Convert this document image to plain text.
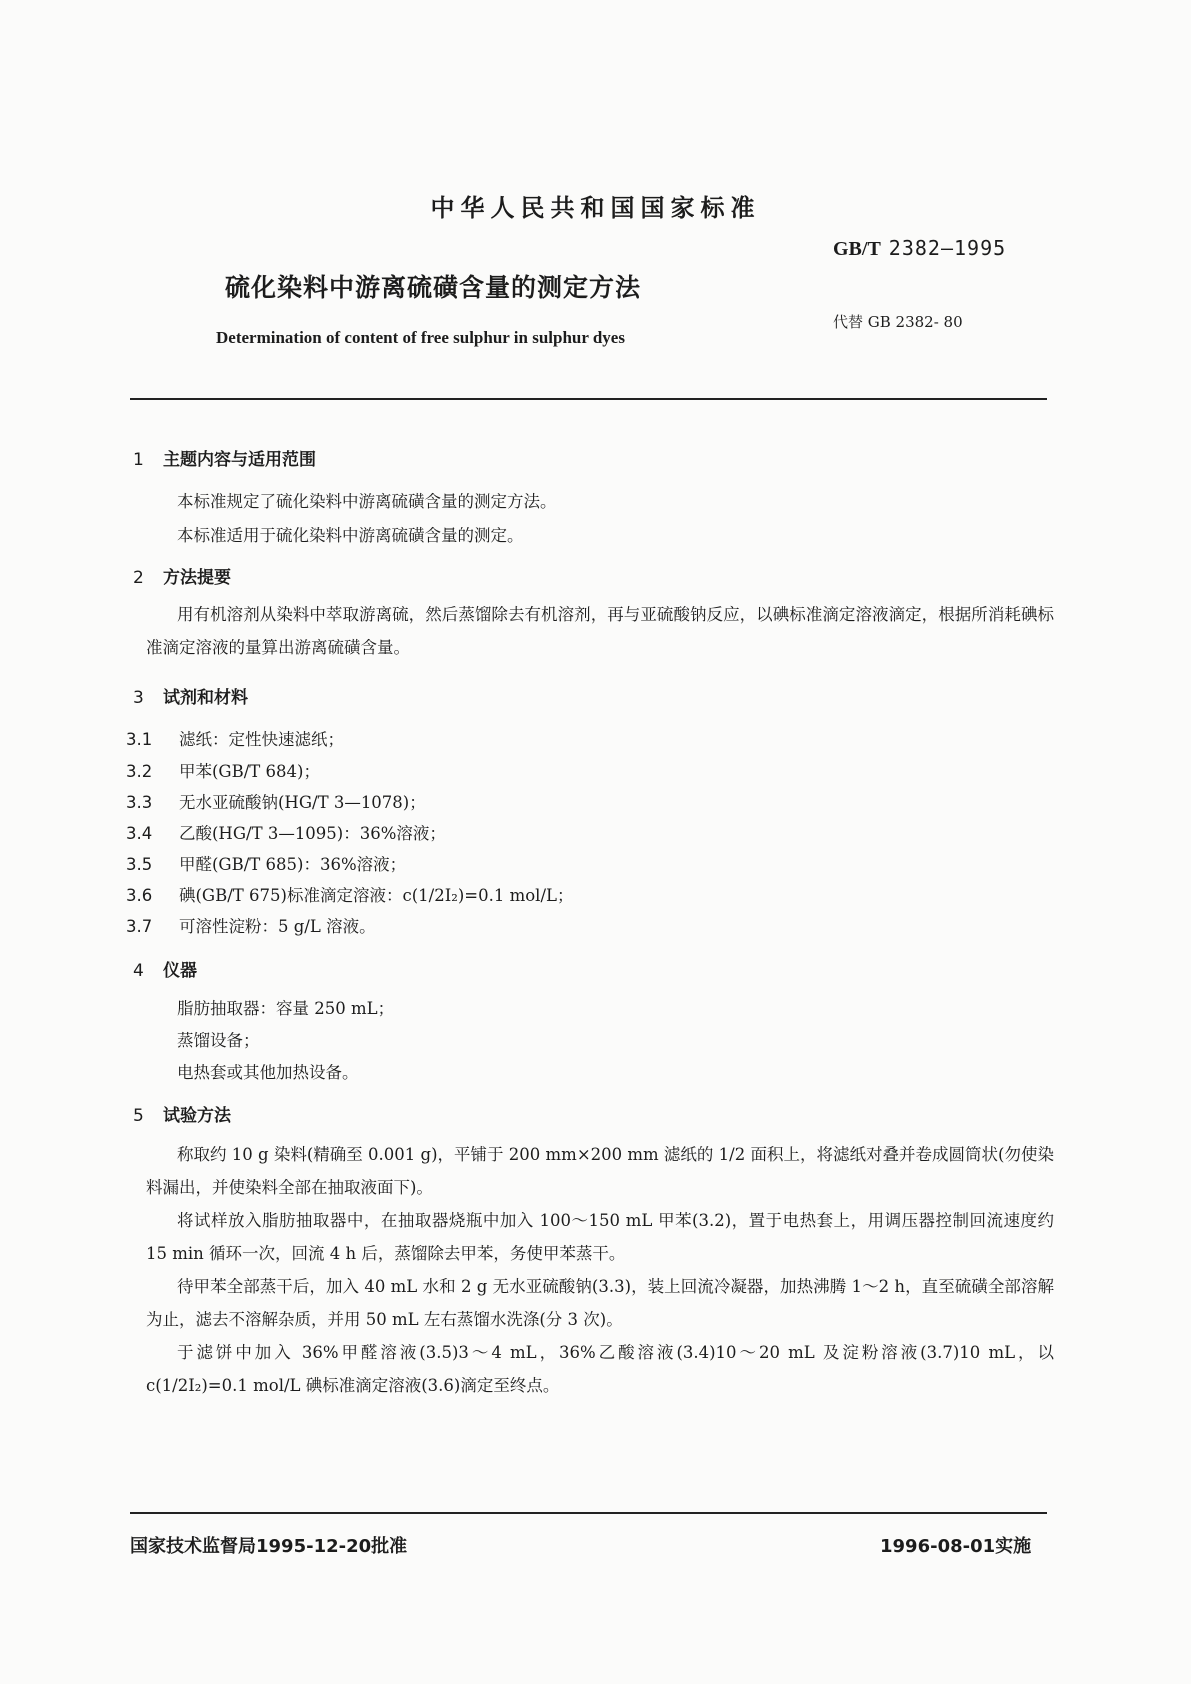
中华人民共和国国家标准
GB/T 2382—1995
硫化染料中游离硫磺含量的测定方法
代替 GB 2382- 80
Determination of content of free sulphur in sulphur dyes
1 主题内容与适用范围
本标准规定了硫化染料中游离硫磺含量的测定方法。
本标准适用于硫化染料中游离硫磺含量的测定。
2 方法提要
用有机溶剂从染料中萃取游离硫，然后蒸馏除去有机溶剂，再与亚硫酸钠反应，以碘标准滴定溶液滴定，根据所消耗碘标准滴定溶液的量算出游离硫磺含量。
3 试剂和材料
3.1 滤纸：定性快速滤纸；
3.2 甲苯(GB/T 684)；
3.3 无水亚硫酸钠(HG/T 3—1078)；
3.4 乙酸(HG/T 3—1095)：36%溶液；
3.5 甲醛(GB/T 685)：36%溶液；
3.6 碘(GB/T 675)标准滴定溶液：c(1/2I₂)=0.1 mol/L；
3.7 可溶性淀粉：5 g/L 溶液。
4 仪器
脂肪抽取器：容量 250 mL；
蒸馏设备；
电热套或其他加热设备。
5 试验方法
称取约 10 g 染料(精确至 0.001 g)，平铺于 200 mm×200 mm 滤纸的 1/2 面积上，将滤纸对叠并卷成圆筒状(勿使染料漏出，并使染料全部在抽取液面下)。
将试样放入脂肪抽取器中，在抽取器烧瓶中加入 100～150 mL 甲苯(3.2)，置于电热套上，用调压器控制回流速度约 15 min 循环一次，回流 4 h 后，蒸馏除去甲苯，务使甲苯蒸干。
待甲苯全部蒸干后，加入 40 mL 水和 2 g 无水亚硫酸钠(3.3)，装上回流冷凝器，加热沸腾 1～2 h，直至硫磺全部溶解为止，滤去不溶解杂质，并用 50 mL 左右蒸馏水洗涤(分 3 次)。
于滤饼中加入 36%甲醛溶液(3.5)3～4 mL，36%乙酸溶液(3.4)10～20 mL 及淀粉溶液(3.7)10 mL，以 c(1/2I₂)=0.1 mol/L 碘标准滴定溶液(3.6)滴定至终点。
国家技术监督局1995-12-20批准	1996-08-01实施
